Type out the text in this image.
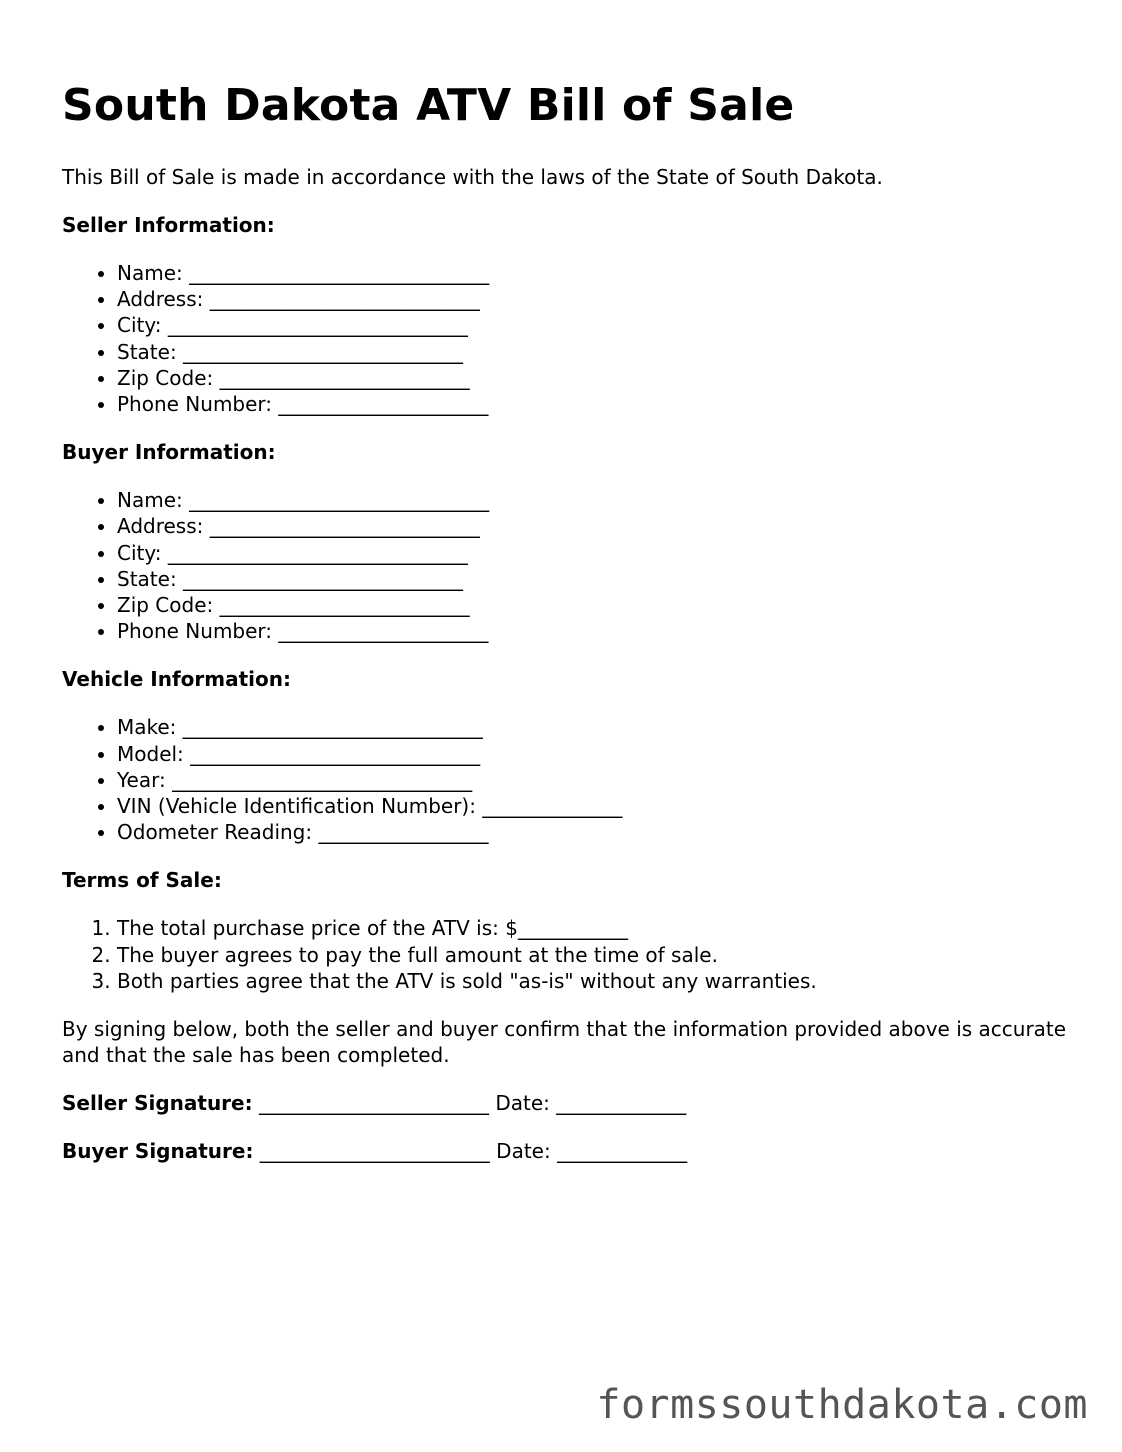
South Dakota ATV Bill of Sale

This Bill of Sale is made in accordance with the laws of the State of South Dakota.

Seller Information:

• Name: ______________________________
• Address: ___________________________
• City: ______________________________
• State: ____________________________
• Zip Code: _________________________
• Phone Number: _____________________

Buyer Information:

• Name: ______________________________
• Address: ___________________________
• City: ______________________________
• State: ____________________________
• Zip Code: _________________________
• Phone Number: _____________________

Vehicle Information:

• Make: ______________________________
• Model: _____________________________
• Year: ______________________________
• VIN (Vehicle Identification Number): ______________
• Odometer Reading: _________________

Terms of Sale:

1. The total purchase price of the ATV is: $___________
2. The buyer agrees to pay the full amount at the time of sale.
3. Both parties agree that the ATV is sold "as-is" without any warranties.

By signing below, both the seller and buyer confirm that the information provided above is accurate and that the sale has been completed.

Seller Signature: _______________________ Date: _____________

Buyer Signature: _______________________ Date: _____________

formssouthdakota.com
